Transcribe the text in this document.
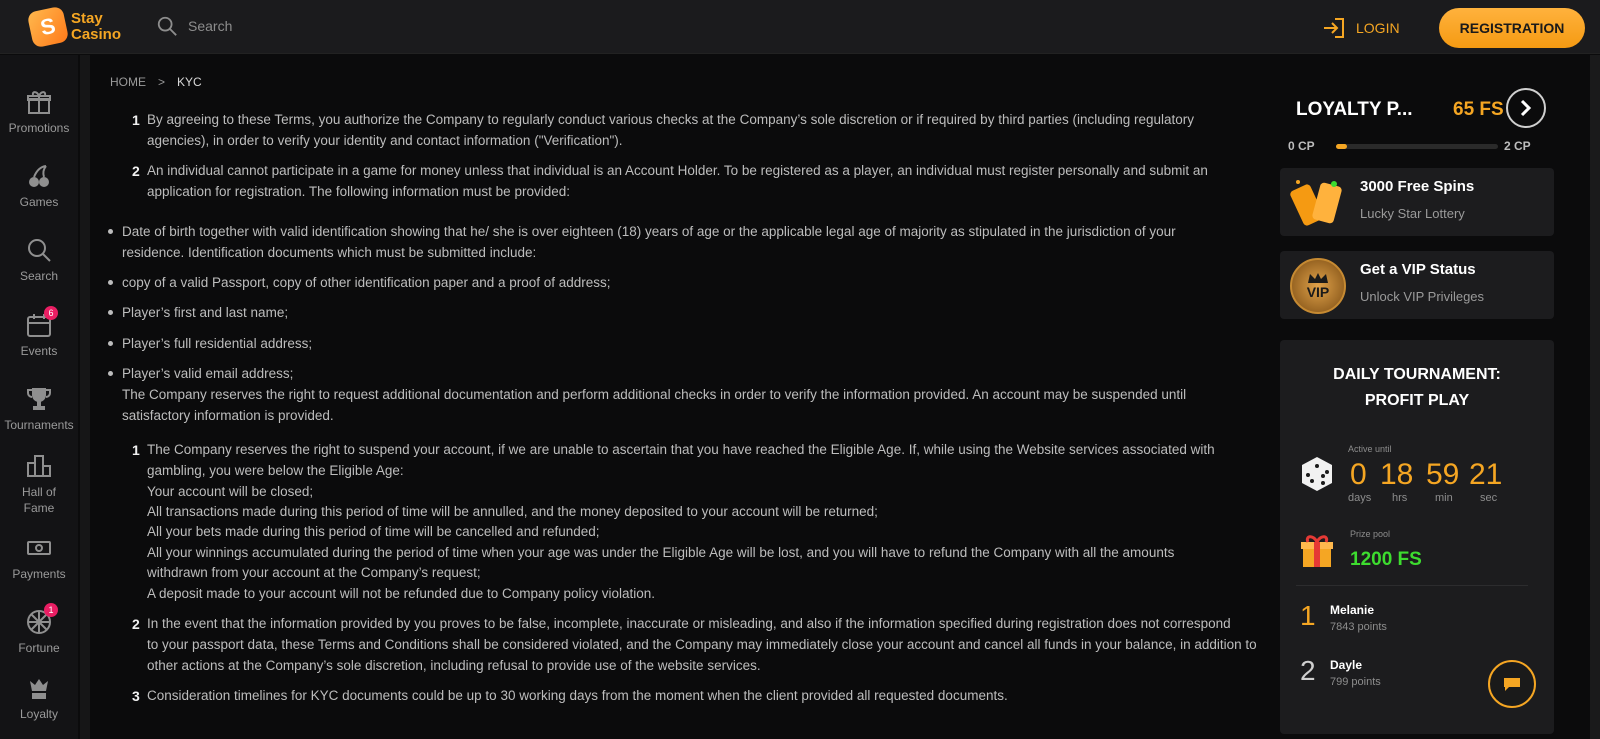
S Stay
Casino	Search	LOGIN	REGISTRATION
Promotions
Games
Search
6
Events
Tournaments
Hall of Fame
Payments
1
Fortune
Loyalty
HOME > KYC
1 By agreeing to these Terms, you authorize the Company to regularly conduct various checks at the Company’s sole discretion or if required by third parties (including regulatory
agencies), in order to verify your identity and contact information ("Verification").
2 An individual cannot participate in a game for money unless that individual is an Account Holder. To be registered as a player, an individual must register personally and submit an
application for registration. The following information must be provided:
Date of birth together with valid identification showing that he/ she is over eighteen (18) years of age or the applicable legal age of majority as stipulated in the jurisdiction of your
residence. Identification documents which must be submitted include:
copy of a valid Passport, copy of other identification paper and a proof of address;
Player’s first and last name;
Player’s full residential address;
Player’s valid email address;
The Company reserves the right to request additional documentation and perform additional checks in order to verify the information provided. An account may be suspended until
satisfactory information is provided.
1 The Company reserves the right to suspend your account, if we are unable to ascertain that you have reached the Eligible Age. If, while using the Website services associated with
gambling, you were below the Eligible Age:
Your account will be closed;
All transactions made during this period of time will be annulled, and the money deposited to your account will be returned;
All your bets made during this period of time will be cancelled and refunded;
All your winnings accumulated during the period of time when your age was under the Eligible Age will be lost, and you will have to refund the Company with all the amounts
withdrawn from your account at the Company’s request;
A deposit made to your account will not be refunded due to Company policy violation.
2 In the event that the information provided by you proves to be false, incomplete, inaccurate or misleading, and also if the information specified during registration does not correspond
to your passport data, these Terms and Conditions shall be considered violated, and the Company may immediately close your account and cancel all funds in your balance, in addition to
other actions at the Company’s sole discretion, including refusal to provide use of the website services.
3 Consideration timelines for KYC documents could be up to 30 working days from the moment when the client provided all requested documents.
LOYALTY P... 65 FS
0 CP	2 CP
3000 Free Spins
Lucky Star Lottery
VIP
Get a VIP Status
Unlock VIP Privileges
DAILY TOURNAMENT:
PROFIT PLAY
Active until
0
days
18
hrs
59
min
21
sec
Prize pool
1200 FS
1 Melanie
7843 points
2 Dayle
799 points
